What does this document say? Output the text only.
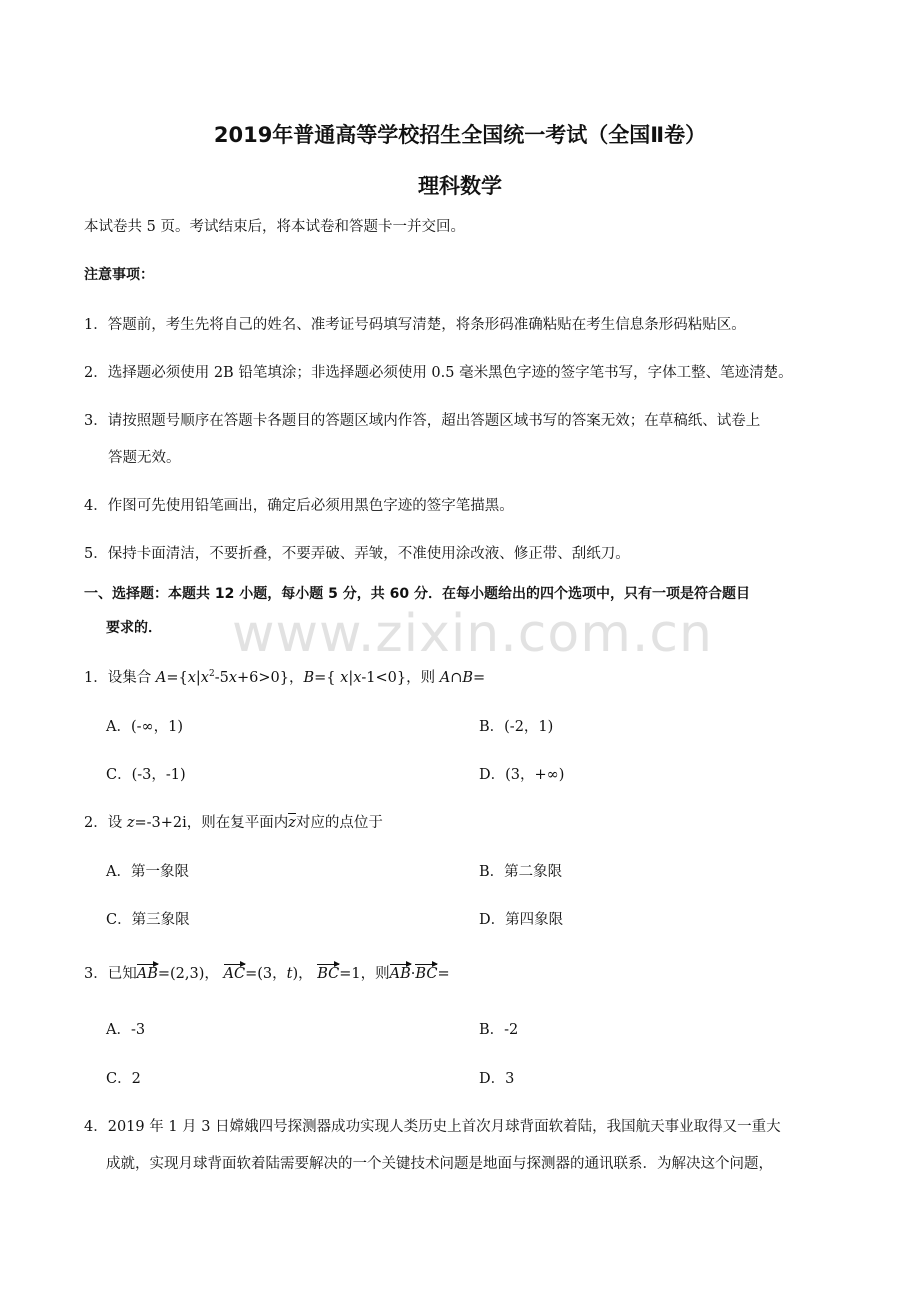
2019年普通高等学校招生全国统一考试（全国Ⅱ卷）
理科数学
本试卷共 5 页。考试结束后，将本试卷和答题卡一并交回。
注意事项：
1．答题前，考生先将自己的姓名、准考证号码填写清楚，将条形码准确粘贴在考生信息条形码粘贴区。
2．选择题必须使用 2B 铅笔填涂；非选择题必须使用 0.5 毫米黑色字迹的签字笔书写，字体工整、笔迹清楚。
3．请按照题号顺序在答题卡各题目的答题区域内作答，超出答题区域书写的答案无效；在草稿纸、试卷上
答题无效。
4．作图可先使用铅笔画出，确定后必须用黑色字迹的签字笔描黑。
5．保持卡面清洁，不要折叠，不要弄破、弄皱，不准使用涂改液、修正带、刮纸刀。
一、选择题：本题共 12 小题，每小题 5 分，共 60 分．在每小题给出的四个选项中，只有一项是符合题目
要求的． www.zixin.com.cn
1．设集合 $A=\{x|x^2-5x+6>0\}$，B={ x|x-1<0}，则 A∩B=
A．(-∞，1)	B．(-2，1)
C．(-3，-1)	D．(3，+∞)
2．设 z=-3+2i，则在复平面内z对应的点位于
A．第一象限	B．第二象限
C．第三象限	D．第四象限
3．已知AB=(2,3)， AC=(3，t)， BC=1，则AB·BC=
A．-3	B．-2
C．2	D．3
4．2019 年 1 月 3 日嫦娥四号探测器成功实现人类历史上首次月球背面软着陆，我国航天事业取得又一重大
成就，实现月球背面软着陆需要解决的一个关键技术问题是地面与探测器的通讯联系．为解决这个问题，
